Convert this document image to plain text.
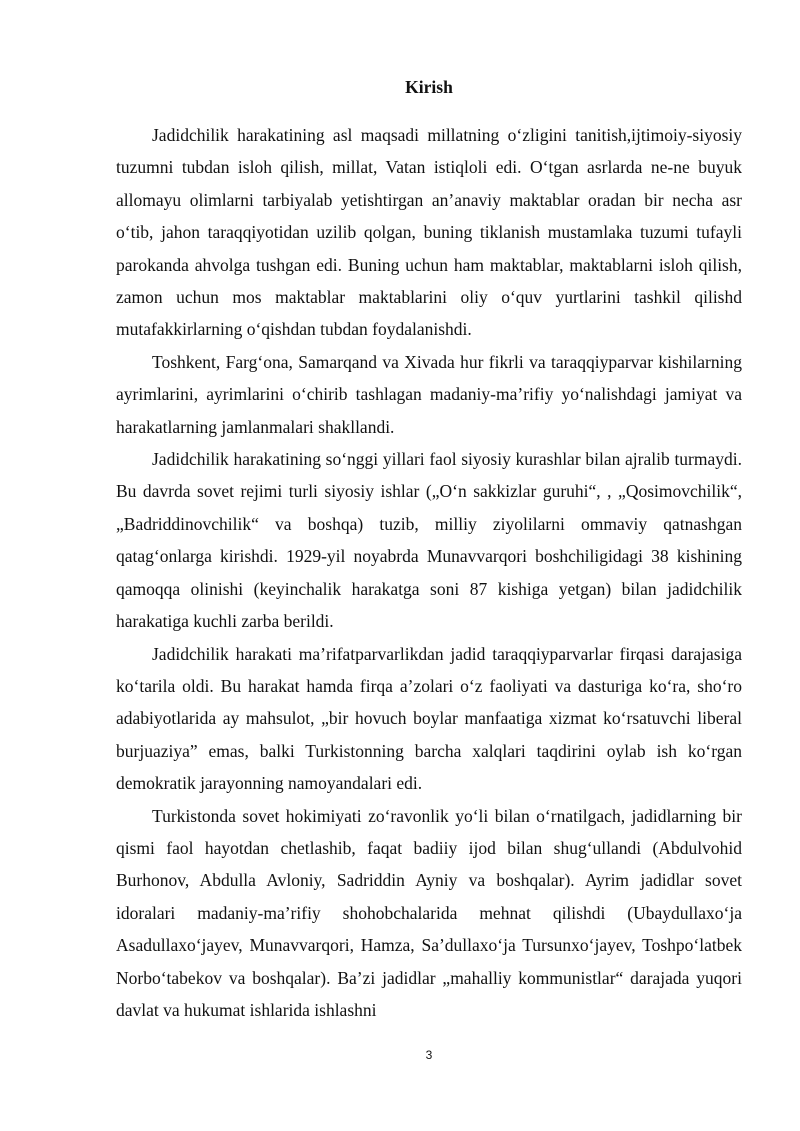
Kirish

Jadidchilik harakatining asl maqsadi millatning o‘zligini tanitish,ijtimoiy-siyosiy tuzumni tubdan isloh qilish, millat, Vatan istiqloli edi. O‘tgan asrlarda ne-ne buyuk allomayu olimlarni tarbiyalab yetishtirgan an’anaviy maktablar oradan bir necha asr o‘tib, jahon taraqqiyotidan uzilib qolgan, buning tiklanish mustamlaka tuzumi tufayli parokanda ahvolga tushgan edi. Buning uchun ham maktablar, maktablarni isloh qilish, zamon uchun mos maktablar maktablarini oliy o‘quv yurtlarini tashkil qilishd mutafakkirlarning o‘qishdan tubdan foydalanishdi.

Toshkent, Farg‘ona, Samarqand va Xivada hur fikrli va taraqqiyparvar kishilarning ayrimlarini, ayrimlarini o‘chirib tashlagan madaniy-ma’rifiy yo‘nalishdagi jamiyat va harakatlarning jamlanmalari shakllandi.

Jadidchilik harakatining so‘nggi yillari faol siyosiy kurashlar bilan ajralib turmaydi. Bu davrda sovet rejimi turli siyosiy ishlar („O‘n sakkizlar guruhi“, , „Qosimovchilik“, „Badriddinovchilik“ va boshqa) tuzib, milliy ziyolilarni ommaviy qatnashgan qatag‘onlarga kirishdi. 1929-yil noyabrda Munavvarqori boshchiligidagi 38 kishining qamoqqa olinishi (keyinchalik harakatga soni 87 kishiga yetgan) bilan jadidchilik harakatiga kuchli zarba berildi.

Jadidchilik harakati ma’rifatparvarlikdan jadid taraqqiyparvarlar firqasi darajasiga ko‘tarila oldi. Bu harakat hamda firqa a’zolari o‘z faoliyati va dasturiga ko‘ra, sho‘ro adabiyotlarida ay mahsulot, „bir hovuch boylar manfaatiga xizmat ko‘rsatuvchi liberal burjuaziya” emas, balki Turkistonning barcha xalqlari taqdirini oylab ish ko‘rgan demokratik jarayonning namoyandalari edi.

Turkistonda sovet hokimiyati zo‘ravonlik yo‘li bilan o‘rnatilgach, jadidlarning bir qismi faol hayotdan chetlashib, faqat badiiy ijod bilan shug‘ullandi (Abdulvohid Burhonov, Abdulla Avloniy, Sadriddin Ayniy va boshqalar). Ayrim jadidlar sovet idoralari madaniy-ma’rifiy shohobchalarida mehnat qilishdi (Ubaydullaxo‘ja Asadullaxo‘jayev, Munavvarqori, Hamza, Sa’dullaxo‘ja Tursunxo‘jayev, Toshpo‘latbek Norbo‘tabekov va boshqalar). Ba’zi jadidlar „mahalliy kommunistlar“ darajada yuqori davlat va hukumat ishlarida ishlashni

3
